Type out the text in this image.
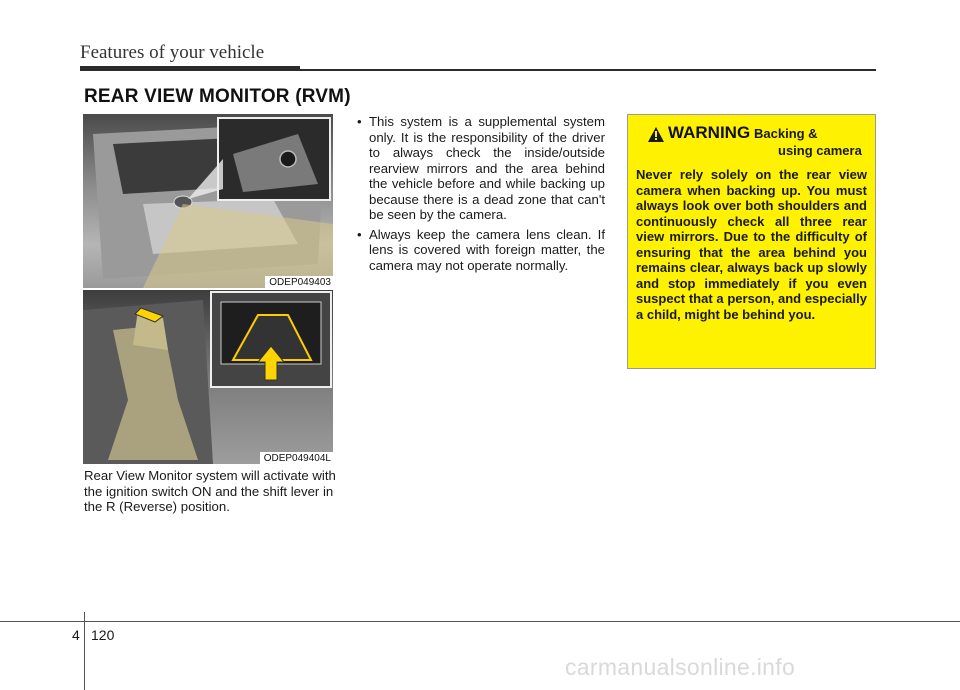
Features of your vehicle
REAR VIEW MONITOR (RVM)
ODEP049403
ODEP049404L
Rear View Monitor system will activate with the ignition switch ON and the shift lever in the R (Reverse) position.
• This system is a supplemental system only. It is the responsibility of the driver to always check the inside/outside rearview mirrors and the area behind the vehicle before and while backing up because there is a dead zone that can't be seen by the camera.
• Always keep the camera lens clean. If lens is covered with foreign matter, the camera may not operate normally.
WARNING -
Backing &
using camera
Never rely solely on the rear view camera when backing up. You must always look over both shoulders and continuously check all three rear view mirrors. Due to the difficulty of ensuring that the area behind you remains clear, always back up slowly and stop immediately if you even suspect that a person, and especially a child, might be behind you.
4 120
carmanualsonline.info
